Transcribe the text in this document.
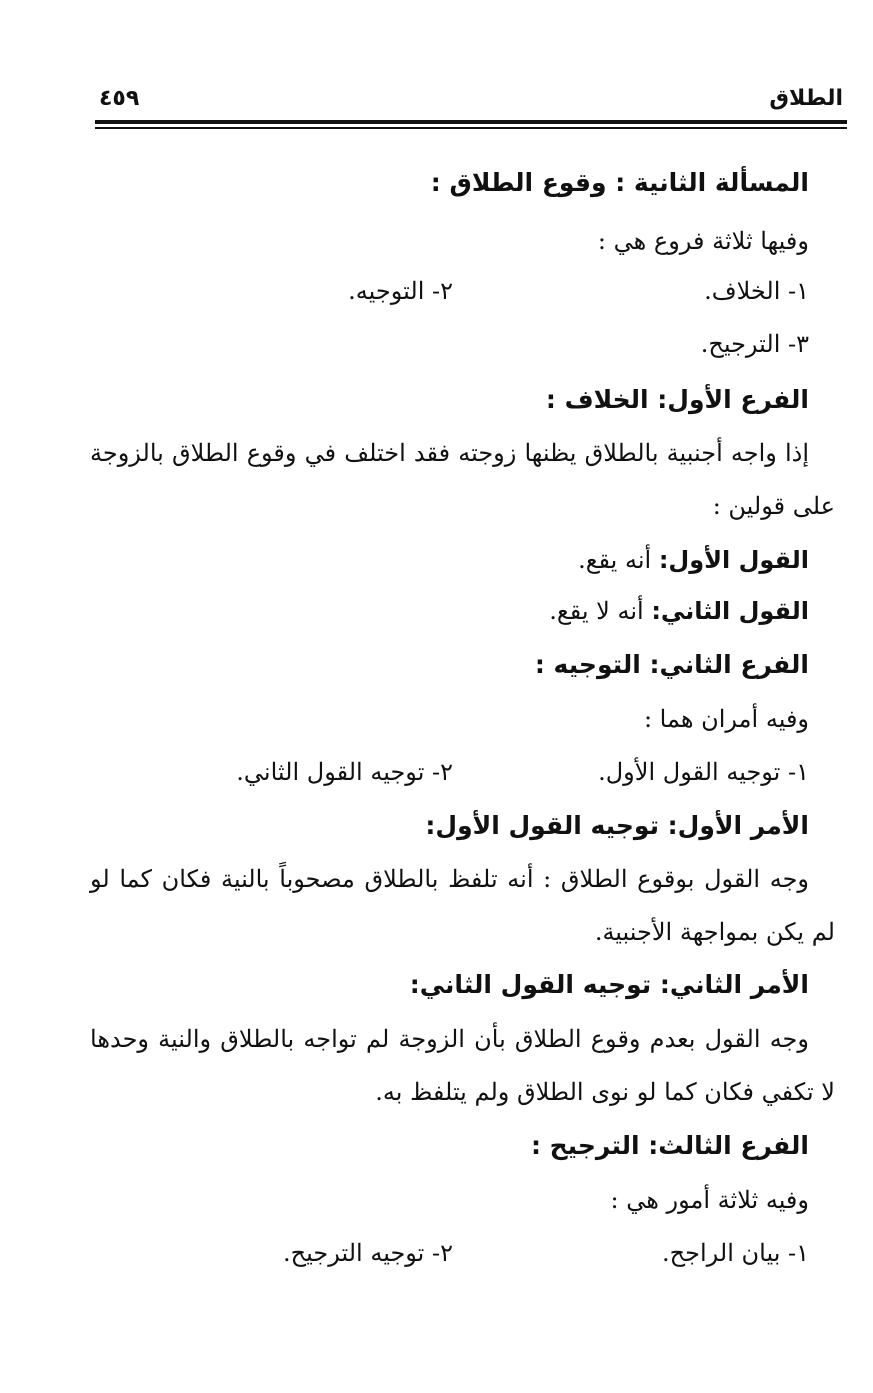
الطلاق
٤٥٩
المسألة الثانية : وقوع الطلاق :
وفيها ثلاثة فروع هي :
١- الخلاف.
٢- التوجيه.
٣- الترجيح.
الفرع الأول: الخلاف :
إذا واجه أجنبية بالطلاق يظنها زوجته فقد اختلف في وقوع الطلاق بالزوجة
على قولين :
القول الأول: أنه يقع.
القول الثاني: أنه لا يقع.
الفرع الثاني: التوجيه :
وفيه أمران هما :
١- توجيه القول الأول.
٢- توجيه القول الثاني.
الأمر الأول: توجيه القول الأول:
وجه القول بوقوع الطلاق : أنه تلفظ بالطلاق مصحوباً بالنية فكان كما لو
لم يكن بمواجهة الأجنبية.
الأمر الثاني: توجيه القول الثاني:
وجه القول بعدم وقوع الطلاق بأن الزوجة لم تواجه بالطلاق والنية وحدها
لا تكفي فكان كما لو نوى الطلاق ولم يتلفظ به.
الفرع الثالث: الترجيح :
وفيه ثلاثة أمور هي :
١- بيان الراجح.
٢- توجيه الترجيح.
